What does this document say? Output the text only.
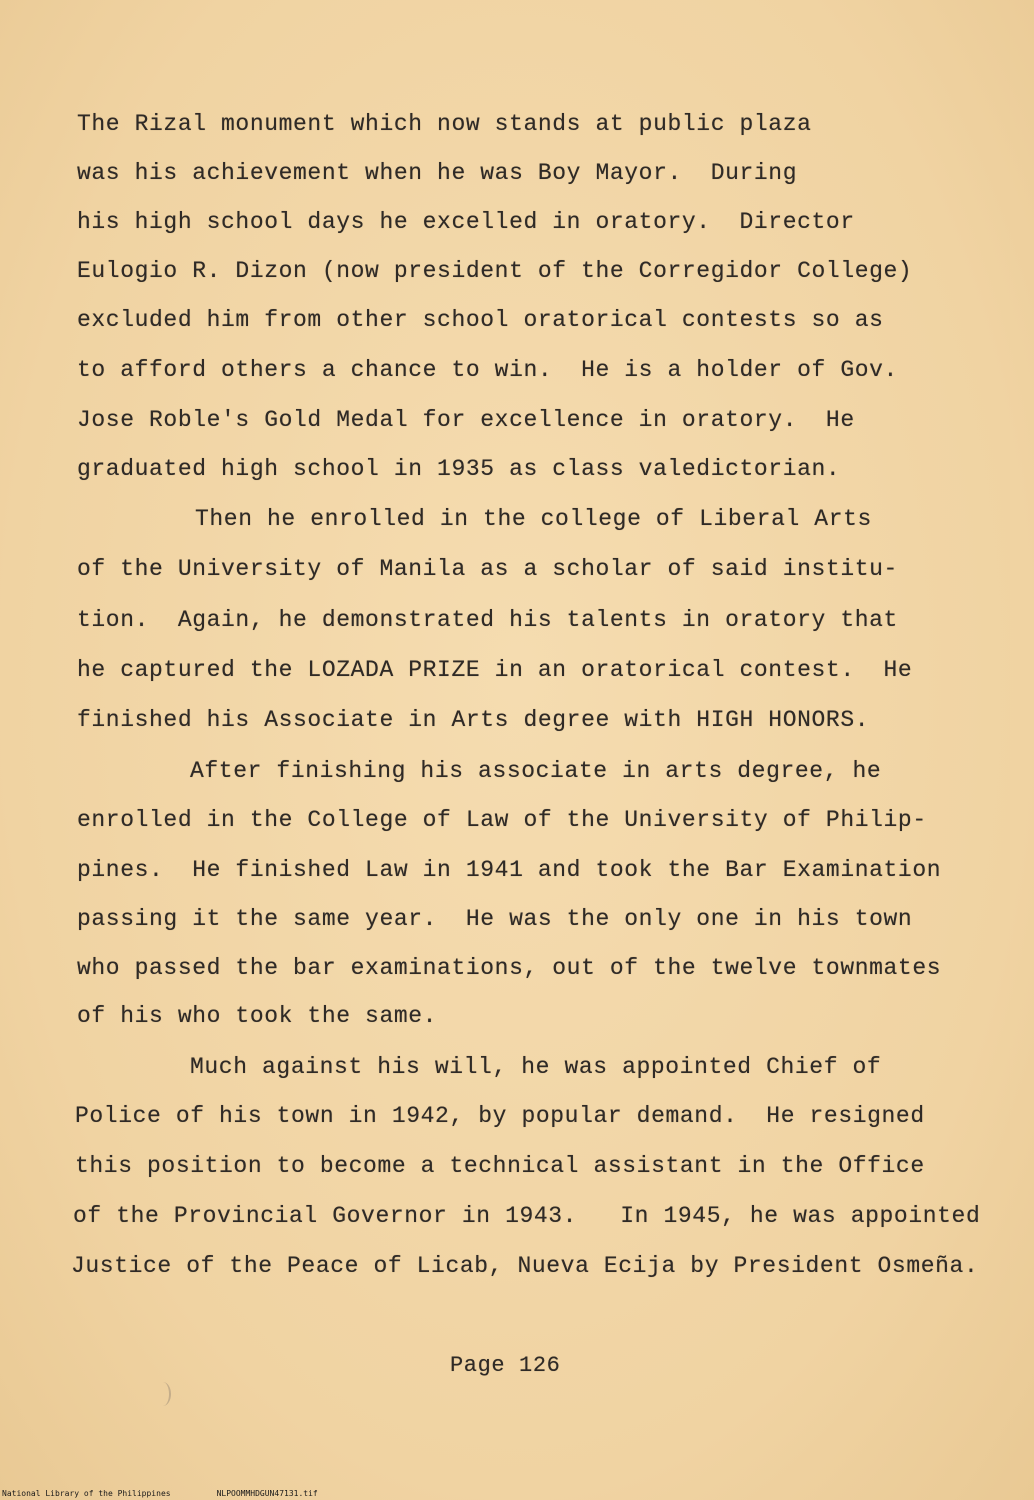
The Rizal monument which now stands at public plaza
was his achievement when he was Boy Mayor.  During
his high school days he excelled in oratory.  Director
Eulogio R. Dizon (now president of the Corregidor College)
excluded him from other school oratorical contests so as
to afford others a chance to win.  He is a holder of Gov.
Jose Roble's Gold Medal for excellence in oratory.  He
graduated high school in 1935 as class valedictorian.
Then he enrolled in the college of Liberal Arts
of the University of Manila as a scholar of said institu-
tion.  Again, he demonstrated his talents in oratory that
he captured the LOZADA PRIZE in an oratorical contest.  He
finished his Associate in Arts degree with HIGH HONORS.
After finishing his associate in arts degree, he
enrolled in the College of Law of the University of Philip-
pines.  He finished Law in 1941 and took the Bar Examination
passing it the same year.  He was the only one in his town
who passed the bar examinations, out of the twelve townmates
of his who took the same.
Much against his will, he was appointed Chief of
Police of his town in 1942, by popular demand.  He resigned
this position to become a technical assistant in the Office
of the Provincial Governor in 1943.   In 1945, he was appointed
Justice of the Peace of Licab, Nueva Ecija by President Osmeña.
Page 126
National Library of the Philippines	NLPOOMMHDGUN47131.tif
